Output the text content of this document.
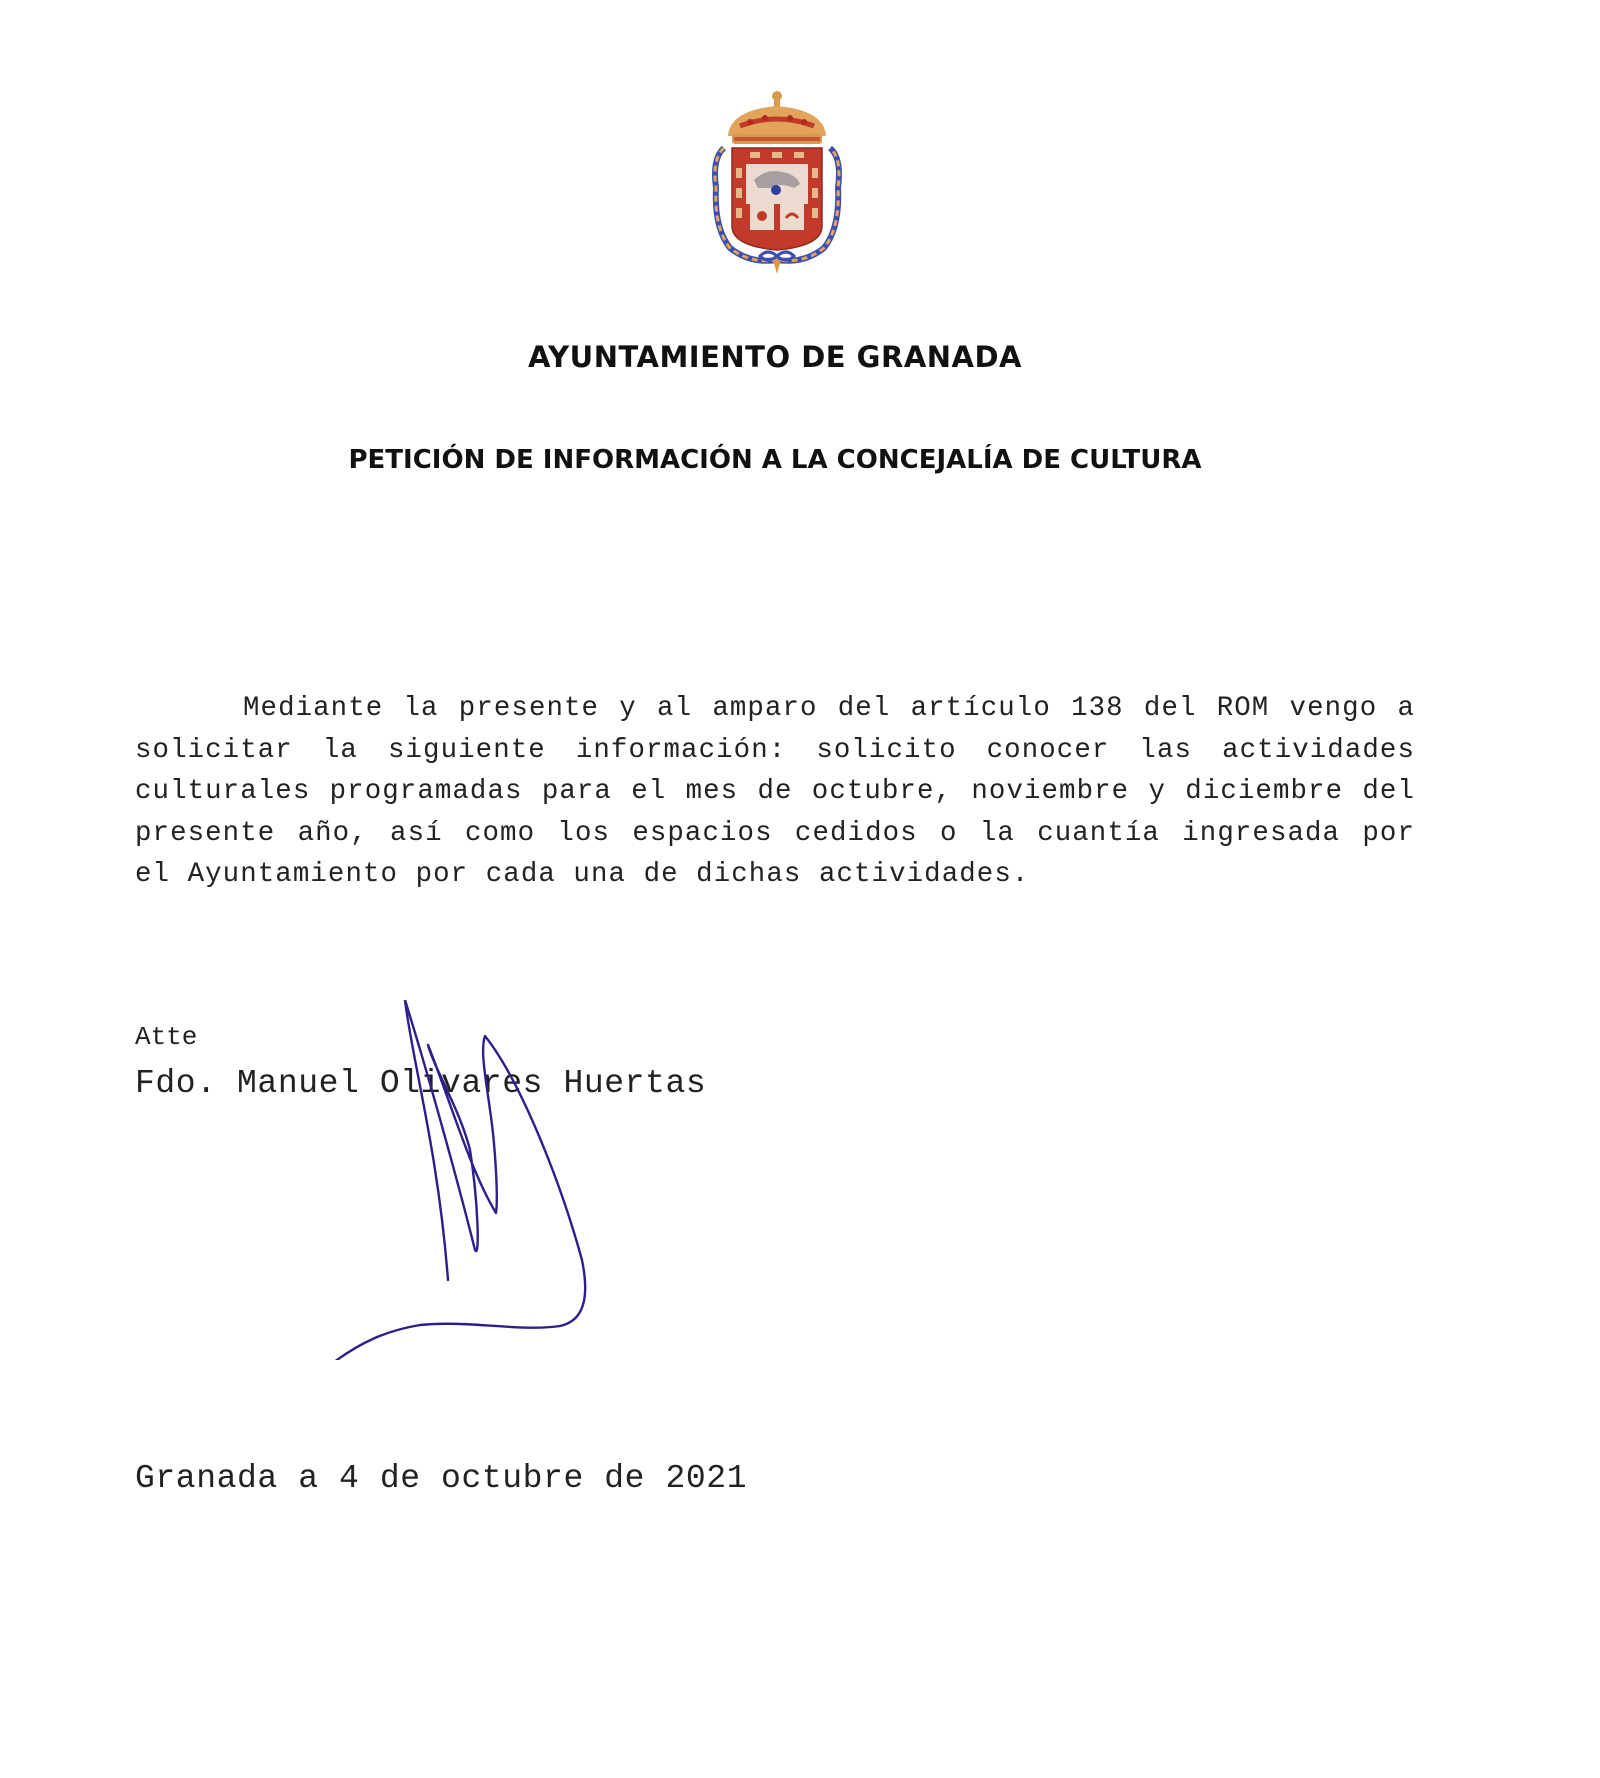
AYUNTAMIENTO DE GRANADA
PETICIÓN DE INFORMACIÓN A LA CONCEJALÍA DE CULTURA

Mediante la presente y al amparo del artículo 138 del ROM vengo a solicitar la siguiente información: solicito conocer las actividades culturales programadas para el mes de octubre, noviembre y diciembre del presente año, así como los espacios cedidos o la cuantía ingresada por el Ayuntamiento por cada una de dichas actividades.

Atte

Fdo. Manuel Olivares Huertas

Granada a 4 de octubre de 2021
